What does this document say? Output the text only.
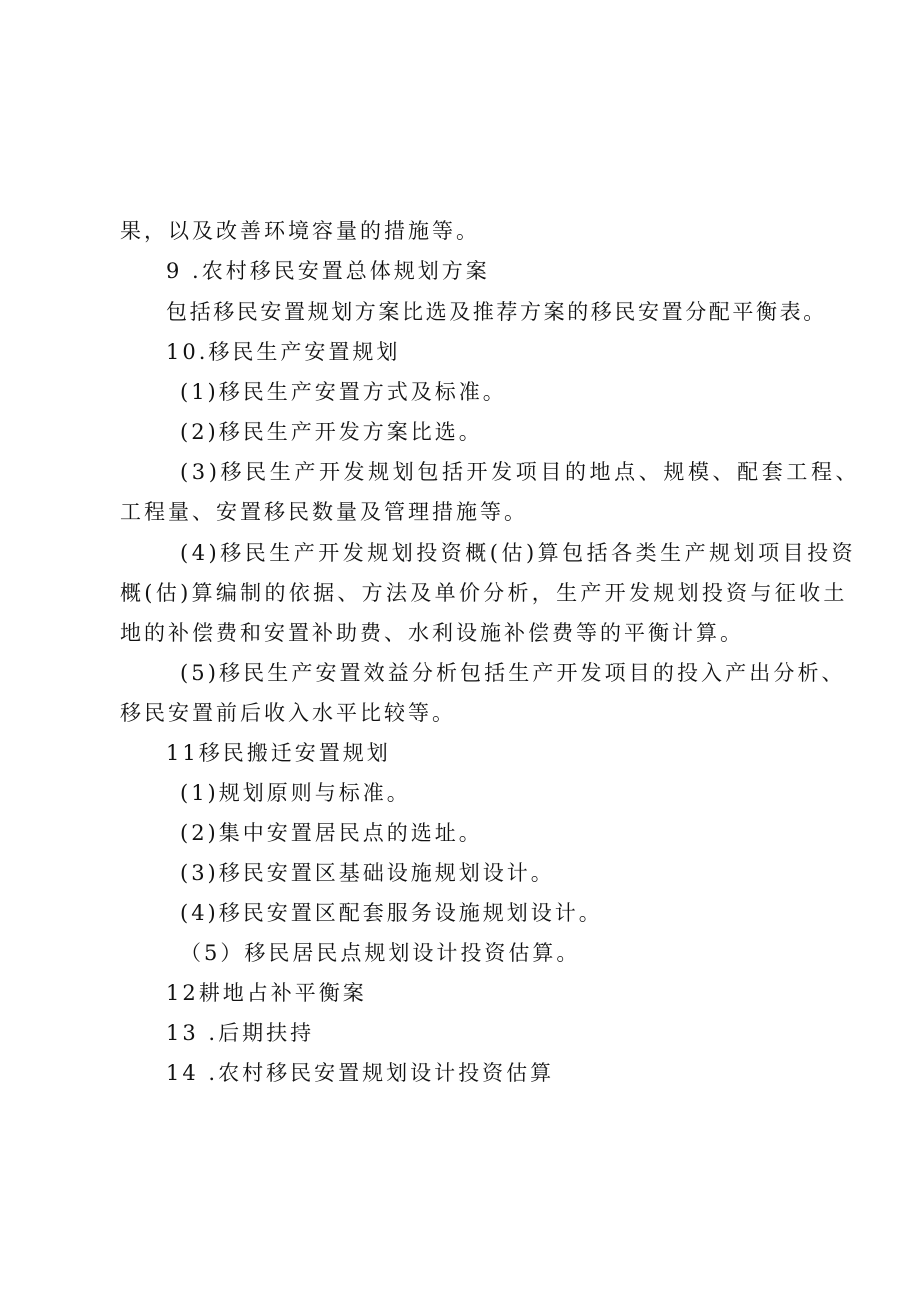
果，以及改善环境容量的措施等。
9 .农村移民安置总体规划方案
包括移民安置规划方案比选及推荐方案的移民安置分配平衡表。
10.移民生产安置规划
(1)移民生产安置方式及标准。
(2)移民生产开发方案比选。
(3)移民生产开发规划包括开发项目的地点、规模、配套工程、
工程量、安置移民数量及管理措施等。
(4)移民生产开发规划投资概(估)算包括各类生产规划项目投资
概(估)算编制的依据、方法及单价分析，生产开发规划投资与征收土
地的补偿费和安置补助费、水利设施补偿费等的平衡计算。
(5)移民生产安置效益分析包括生产开发项目的投入产出分析、
移民安置前后收入水平比较等。
11移民搬迁安置规划
(1)规划原则与标准。
(2)集中安置居民点的选址。
(3)移民安置区基础设施规划设计。
(4)移民安置区配套服务设施规划设计。
（5）移民居民点规划设计投资估算。
12耕地占补平衡案
13 .后期扶持
14 .农村移民安置规划设计投资估算
